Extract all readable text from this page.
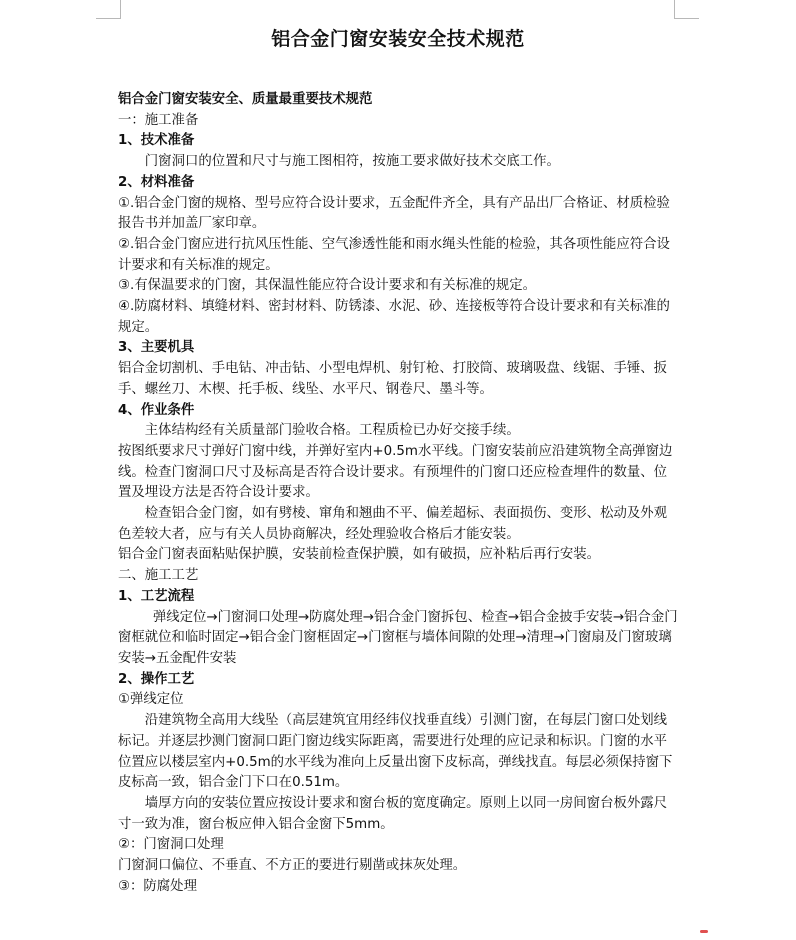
铝合金门窗安装安全技术规范

铝合金门窗安装安全、质量最重要技术规范

一：施工准备

1、技术准备

门窗洞口的位置和尺寸与施工图相符，按施工要求做好技术交底工作。

2、材料准备

①.铝合金门窗的规格、型号应符合设计要求，五金配件齐全，具有产品出厂合格证、材质检验报告书并加盖厂家印章。

②.铝合金门窗应进行抗风压性能、空气渗透性能和雨水绳头性能的检验，其各项性能应符合设计要求和有关标准的规定。

③.有保温要求的门窗，其保温性能应符合设计要求和有关标准的规定。

④.防腐材料、填缝材料、密封材料、防锈漆、水泥、砂、连接板等符合设计要求和有关标准的规定。

3、主要机具

铝合金切割机、手电钻、冲击钻、小型电焊机、射钉枪、打胶筒、玻璃吸盘、线锯、手锤、扳手、螺丝刀、木楔、托手板、线坠、水平尺、钢卷尺、墨斗等。

4、作业条件

主体结构经有关质量部门验收合格。工程质检已办好交接手续。

按图纸要求尺寸弹好门窗中线，并弹好室内+0.5m水平线。门窗安装前应沿建筑物全高弹窗边线。检查门窗洞口尺寸及标高是否符合设计要求。有预埋件的门窗口还应检查埋件的数量、位置及埋设方法是否符合设计要求。

检查铝合金门窗，如有劈棱、窜角和翘曲不平、偏差超标、表面损伤、变形、松动及外观色差较大者，应与有关人员协商解决，经处理验收合格后才能安装。

铝合金门窗表面粘贴保护膜，安装前检查保护膜，如有破损，应补粘后再行安装。

二、施工工艺

1、工艺流程

弹线定位→门窗洞口处理→防腐处理→铝合金门窗拆包、检查→铝合金披手安装→铝合金门窗框就位和临时固定→铝合金门窗框固定→门窗框与墙体间隙的处理→清理→门窗扇及门窗玻璃安装→五金配件安装

2、操作工艺

①弹线定位

沿建筑物全高用大线坠（高层建筑宜用经纬仪找垂直线）引测门窗，在每层门窗口处划线标记。并逐层抄测门窗洞口距门窗边线实际距离，需要进行处理的应记录和标识。门窗的水平位置应以楼层室内+0.5m的水平线为准向上反量出窗下皮标高，弹线找直。每层必须保持窗下皮标高一致，铝合金门下口在0.51m。

墙厚方向的安装位置应按设计要求和窗台板的宽度确定。原则上以同一房间窗台板外露尺寸一致为准，窗台板应伸入铝合金窗下5mm。

②：门窗洞口处理

门窗洞口偏位、不垂直、不方正的要进行剔凿或抹灰处理。

③：防腐处理
